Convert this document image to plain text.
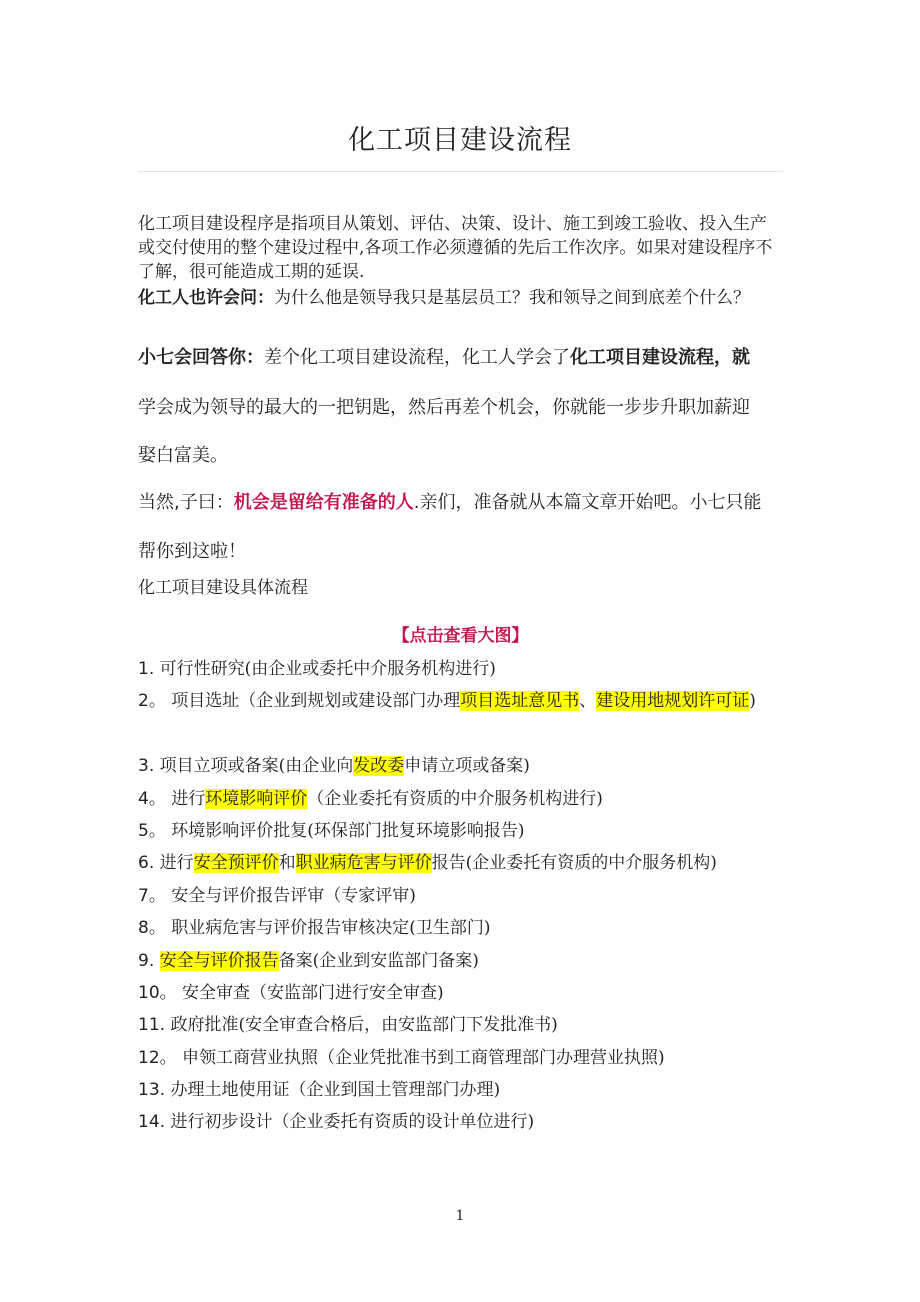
化工项目建设流程

化工项目建设程序是指项目从策划、评估、决策、设计、施工到竣工验收、投入生产或交付使用的整个建设过程中,各项工作必须遵循的先后工作次序。如果对建设程序不了解，很可能造成工期的延误.

化工人也许会问：为什么他是领导我只是基层员工？我和领导之间到底差个什么？

小七会回答你：差个化工项目建设流程，化工人学会了化工项目建设流程，就

学会成为领导的最大的一把钥匙，然后再差个机会，你就能一步步升职加薪迎

娶白富美。

当然,子曰：机会是留给有准备的人.亲们，准备就从本篇文章开始吧。小七只能

帮你到这啦！

化工项目建设具体流程

【点击查看大图】

1. 可行性研究(由企业或委托中介服务机构进行)
2。 项目选址（企业到规划或建设部门办理项目选址意见书、建设用地规划许可证)
3. 项目立项或备案(由企业向发改委申请立项或备案)
4。 进行环境影响评价（企业委托有资质的中介服务机构进行)
5。 环境影响评价批复(环保部门批复环境影响报告)
6. 进行安全预评价和职业病危害与评价报告(企业委托有资质的中介服务机构)
7。 安全与评价报告评审（专家评审)
8。 职业病危害与评价报告审核决定(卫生部门)
9. 安全与评价报告备案(企业到安监部门备案)
10。 安全审查（安监部门进行安全审查)
11. 政府批准(安全审查合格后，由安监部门下发批准书)
12。 申领工商营业执照（企业凭批准书到工商管理部门办理营业执照)
13. 办理土地使用证（企业到国土管理部门办理)
14. 进行初步设计（企业委托有资质的设计单位进行)
1
